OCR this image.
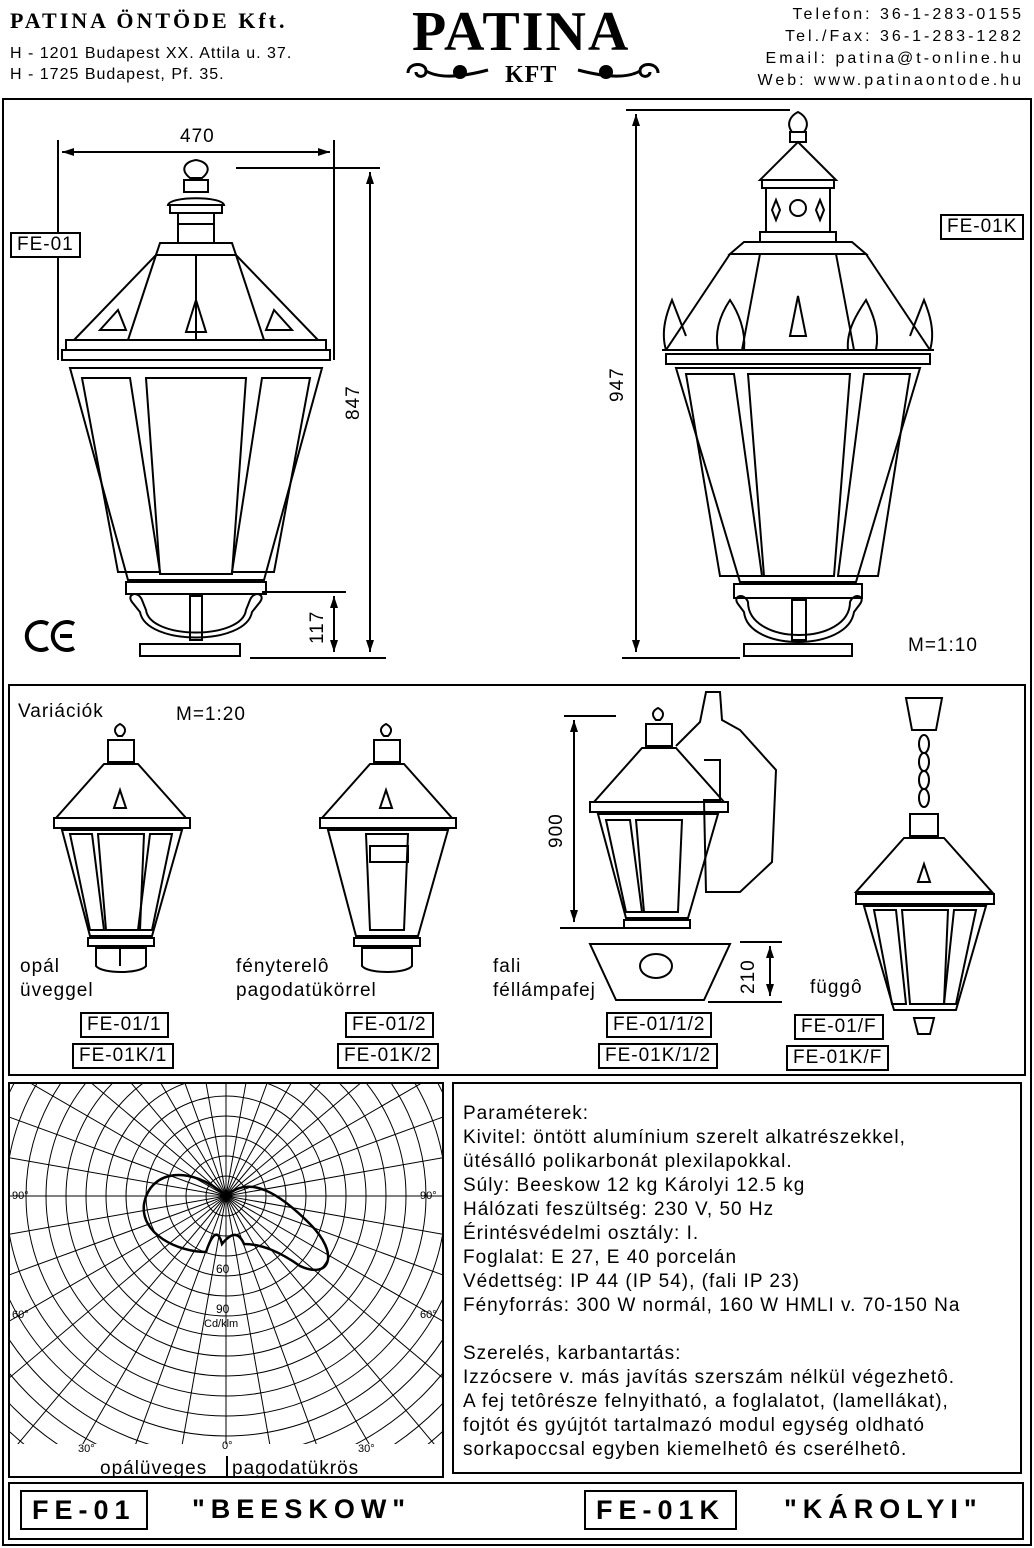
PATINA ÖNTÖDE Kft.
H - 1201 Budapest XX. Attila u. 37.
H - 1725 Budapest, Pf. 35.
PATINA
KFT
Telefon: 36-1-283-0155
Tel./Fax: 36-1-283-1282
Email: patina@t-online.hu
Web: www.patinaontode.hu
FE-01
FE-01K
470
847
117
947
M=1:10
Variációk	M=1:20
opál
üveggel
FE-01/1
FE-01K/1
fényterelô
pagodatükörrel
FE-01/2
FE-01K/2
fali
féllámpafej
FE-01/1/2
FE-01K/1/2
függô
FE-01/F
FE-01K/F
900
210
90°	90°
60°	60°
30°	0°	30°
60
90
Cd/klm
opálüveges pagodatükrös
Paraméterek:
Kivitel: öntött alumínium szerelt alkatrészekkel,
ütésálló polikarbonát plexilapokkal.
Súly: Beeskow 12 kg Károlyi 12.5 kg
Hálózati feszültség: 230 V, 50 Hz
Érintésvédelmi osztály: I.
Foglalat: E 27, E 40 porcelán
Védettség: IP 44 (IP 54), (fali IP 23)
Fényforrás: 300 W normál, 160 W HMLI v. 70-150 Na
Szerelés, karbantartás:
Izzócsere v. más javítás szerszám nélkül végezhetô.
A fej tetôrésze felnyitható, a foglalatot, (lamellákat),
fojtót és gyújtót tartalmazó modul egység oldható
sorkapoccsal egyben kiemelhetô és cserélhetô.
FE-01	"BEESKOW"	FE-01K	"KÁROLYI"
